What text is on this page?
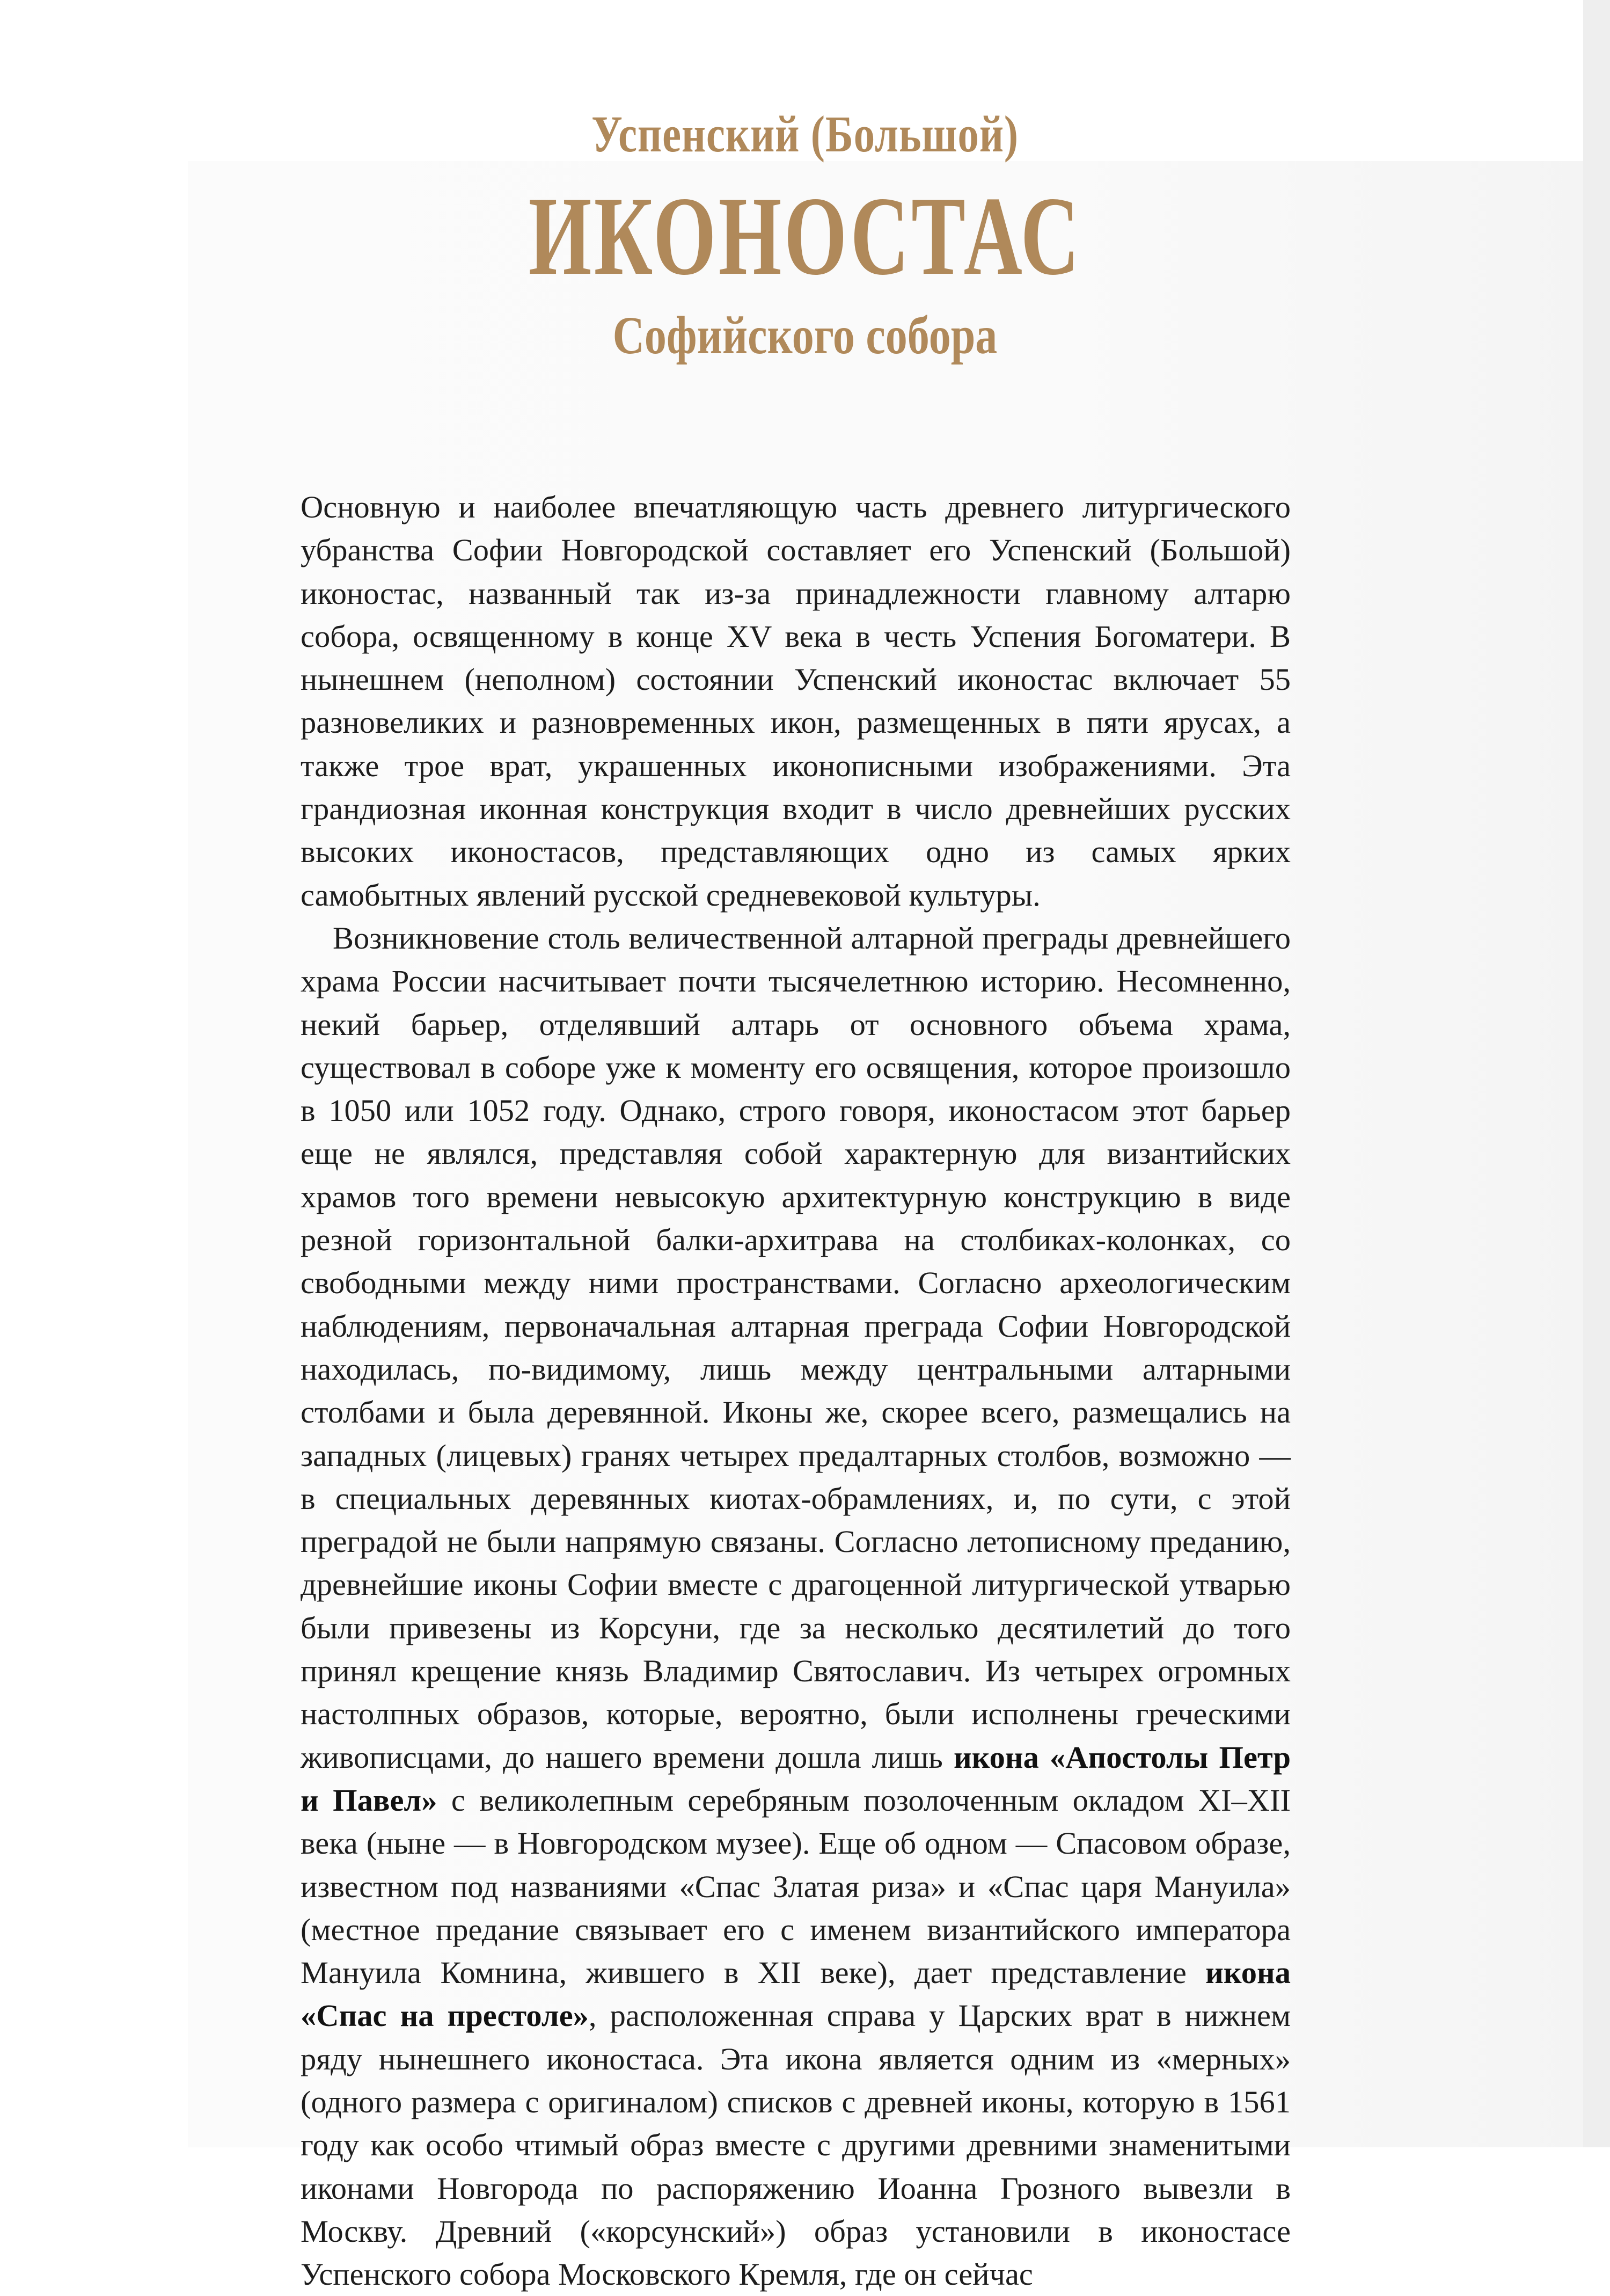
Успенский (Большой)
ИКОНОСТАС
Софийского собора

Основную и наиболее впечатляющую часть древнего литургического убранства Софии Новгородской составляет его Успенский (Большой) иконостас, названный так из-за принадлежности главному алтарю собора, освященному в конце XV века в честь Успения Богоматери. В нынешнем (неполном) состоянии Успенский иконостас включает 55 разновеликих и разновременных икон, размещенных в пяти ярусах, а также трое врат, украшенных иконописными изображениями. Эта грандиозная иконная конструкция входит в число древнейших русских высоких иконостасов, представляющих одно из самых ярких самобытных явлений русской средневековой культуры.

Возникновение столь величественной алтарной преграды древнейшего храма России насчитывает почти тысячелетнюю историю. Несомненно, некий барьер, отделявший алтарь от основного объема храма, существовал в соборе уже к моменту его освящения, которое произошло в 1050 или 1052 году. Однако, строго говоря, иконостасом этот барьер еще не являлся, представляя собой характерную для византийских храмов того времени невысокую архитектурную конструкцию в виде резной горизонтальной балки-архитрава на столбиках-колонках, со свободными между ними пространствами. Согласно археологическим наблюдениям, первоначальная алтарная преграда Софии Новгородской находилась, по-видимому, лишь между центральными алтарными столбами и была деревянной. Иконы же, скорее всего, размещались на западных (лицевых) гранях четырех предалтарных столбов, возможно — в специальных деревянных киотах-обрамлениях, и, по сути, с этой преградой не были напрямую связаны. Согласно летописному преданию, древнейшие иконы Софии вместе с драгоценной литургической утварью были привезены из Корсуни, где за несколько десятилетий до того принял крещение князь Владимир Святославич. Из четырех огромных настолпных образов, которые, вероятно, были исполнены греческими живописцами, до нашего времени дошла лишь икона «Апостолы Петр и Павел» с великолепным серебряным позолоченным окладом XI–XII века (ныне — в Новгородском музее). Еще об одном — Спасовом образе, известном под названиями «Спас Златая риза» и «Спас царя Мануила» (местное предание связывает его с именем византийского императора Мануила Комнина, жившего в XII веке), дает представление икона «Спас на престоле», расположенная справа у Царских врат в нижнем ряду нынешнего иконостаса. Эта икона является одним из «мерных» (одного размера с оригиналом) списков с древней иконы, которую в 1561 году как особо чтимый образ вместе с другими древними знаменитыми иконами Новгорода по распоряжению Иоанна Грозного вывезли в Москву. Древний («корсунский») образ установили в иконостасе Успенского собора Московского Кремля, где он сейчас
